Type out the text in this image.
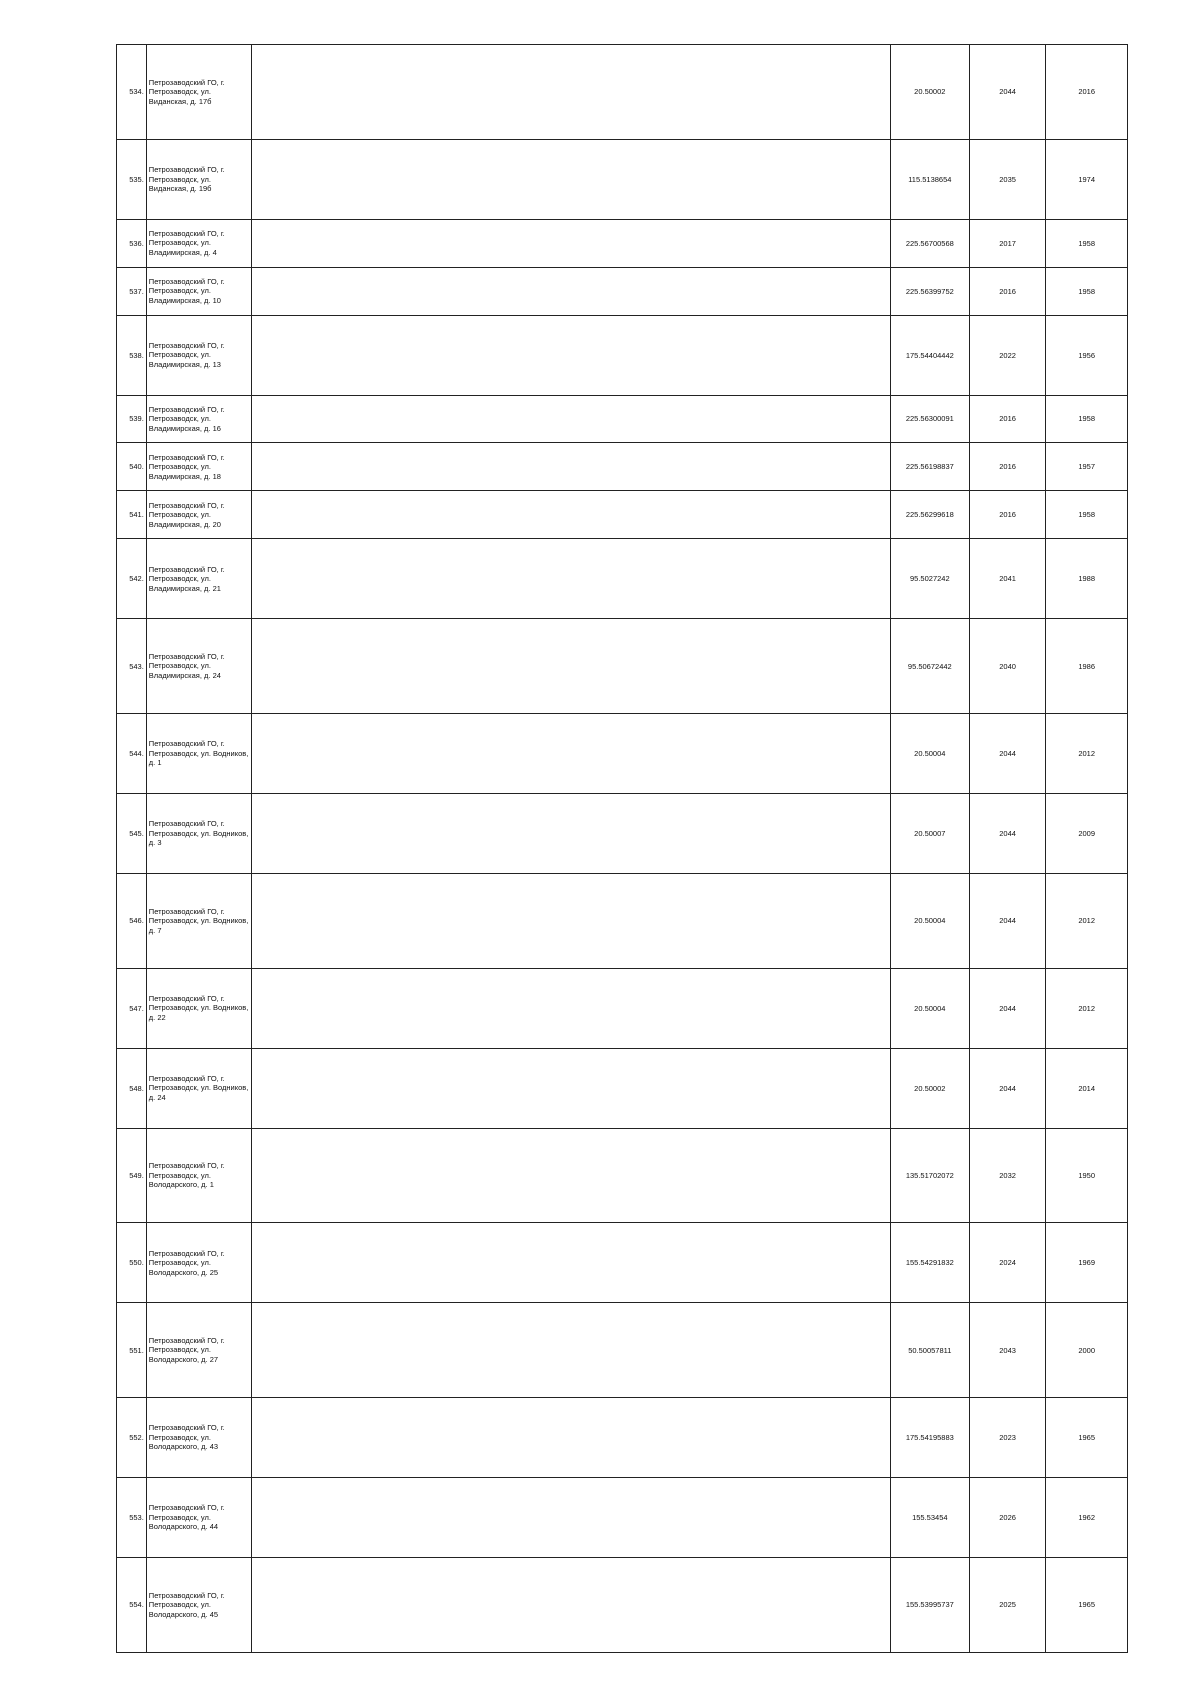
534.	Петрозаводский ГО, г. Петрозаводск, ул. Виданская, д. 17б		20.50002	2044	2016
535.	Петрозаводский ГО, г. Петрозаводск, ул. Виданская, д. 19б		115.5138654	2035	1974
536.	Петрозаводский ГО, г. Петрозаводск, ул. Владимирская, д. 4		225.56700568	2017	1958
537.	Петрозаводский ГО, г. Петрозаводск, ул. Владимирская, д. 10		225.56399752	2016	1958
538.	Петрозаводский ГО, г. Петрозаводск, ул. Владимирская, д. 13		175.54404442	2022	1956
539.	Петрозаводский ГО, г. Петрозаводск, ул. Владимирская, д. 16		225.56300091	2016	1958
540.	Петрозаводский ГО, г. Петрозаводск, ул. Владимирская, д. 18		225.56198837	2016	1957
541.	Петрозаводский ГО, г. Петрозаводск, ул. Владимирская, д. 20		225.56299618	2016	1958
542.	Петрозаводский ГО, г. Петрозаводск, ул. Владимирская, д. 21		95.5027242	2041	1988
543.	Петрозаводский ГО, г. Петрозаводск, ул. Владимирская, д. 24		95.50672442	2040	1986
544.	Петрозаводский ГО, г. Петрозаводск, ул. Водников, д. 1		20.50004	2044	2012
545.	Петрозаводский ГО, г. Петрозаводск, ул. Водников, д. 3		20.50007	2044	2009
546.	Петрозаводский ГО, г. Петрозаводск, ул. Водников, д. 7		20.50004	2044	2012
547.	Петрозаводский ГО, г. Петрозаводск, ул. Водников, д. 22		20.50004	2044	2012
548.	Петрозаводский ГО, г. Петрозаводск, ул. Водников, д. 24		20.50002	2044	2014
549.	Петрозаводский ГО, г. Петрозаводск, ул. Володарского, д. 1		135.51702072	2032	1950
550.	Петрозаводский ГО, г. Петрозаводск, ул. Володарского, д. 25		155.54291832	2024	1969
551.	Петрозаводский ГО, г. Петрозаводск, ул. Володарского, д. 27		50.50057811	2043	2000
552.	Петрозаводский ГО, г. Петрозаводск, ул. Володарского, д. 43		175.54195883	2023	1965
553.	Петрозаводский ГО, г. Петрозаводск, ул. Володарского, д. 44		155.53454	2026	1962
554.	Петрозаводский ГО, г. Петрозаводск, ул. Володарского, д. 45		155.53995737	2025	1965
